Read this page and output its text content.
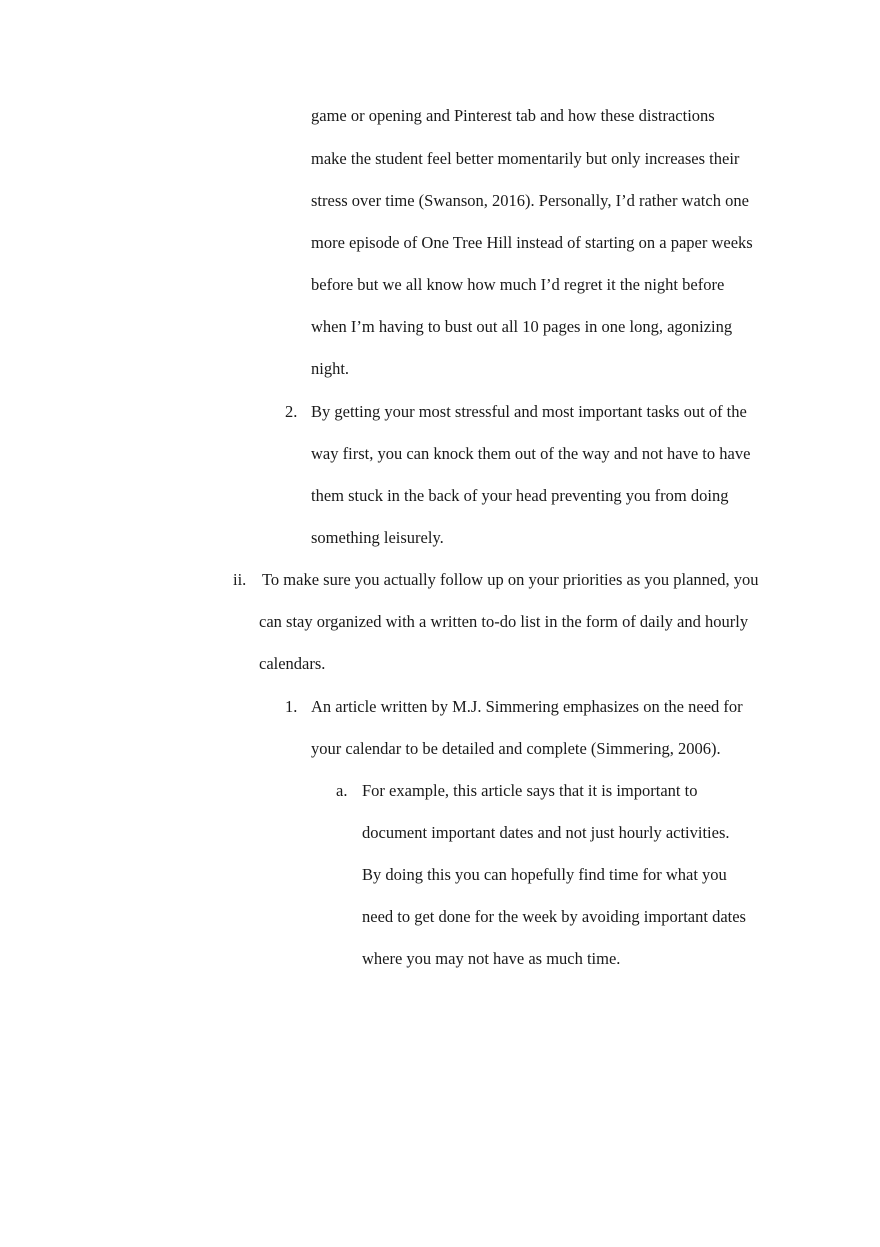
game or opening and Pinterest tab and how these distractions
make the student feel better momentarily but only increases their
stress over time (Swanson, 2016). Personally, I’d rather watch one
more episode of One Tree Hill instead of starting on a paper weeks
before but we all know how much I’d regret it the night before
when I’m having to bust out all 10 pages in one long, agonizing
night.
2. By getting your most stressful and most important tasks out of the
way first, you can knock them out of the way and not have to have
them stuck in the back of your head preventing you from doing
something leisurely.
ii. To make sure you actually follow up on your priorities as you planned, you
can stay organized with a written to-do list in the form of daily and hourly
calendars.
1. An article written by M.J. Simmering emphasizes on the need for
your calendar to be detailed and complete (Simmering, 2006).
a. For example, this article says that it is important to
document important dates and not just hourly activities.
By doing this you can hopefully find time for what you
need to get done for the week by avoiding important dates
where you may not have as much time.
